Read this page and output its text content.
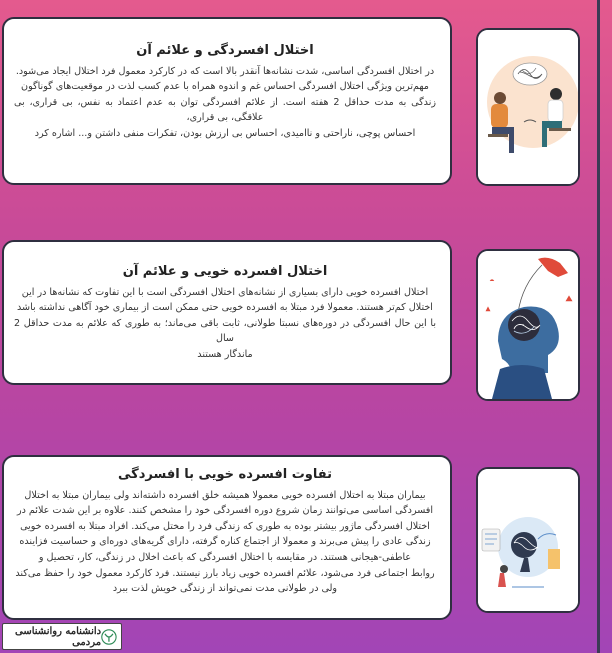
اختلال افسردگی و علائم آن

در اختلال افسردگی اساسی، شدت نشانه‌ها آنقدر بالا است که در کارکرد معمول فرد اختلال ایجاد می‌شود.

مهم‌ترین ویژگی اختلال افسردگی احساس غم و اندوه همراه با عدم کسب لذت در موقعیت‌های گوناگون

زندگی به مدت حداقل 2 هفته است. از علائم افسردگی توان به عدم اعتماد به نفس، بی قراری، بی علاقگی، بی قراری،

احساس پوچی، ناراحتی و ناامیدی، احساس بی ارزش بودن، تفکرات منفی داشتن و... اشاره کرد

اختلال افسرده خویی و علائم آن

اختلال افسرده خویی دارای بسیاری از نشانه‌های اختلال افسردگی است با این تفاوت که نشانه‌ها در این

اختلال کم‌تر هستند. معمولا فرد مبتلا به افسرده خویی حتی ممکن است از بیماری خود آگاهی نداشته باشد

با این حال افسردگی در دوره‌های نسبتا طولانی، ثابت باقی می‌ماند؛ به طوری که علائم به مدت حداقل 2 سال

ماندگار هستند

تفاوت افسرده خویی با افسردگی

بیماران مبتلا به اختلال افسرده خویی معمولا همیشه خلق افسرده داشته‌اند ولی بیماران مبتلا به اختلال

افسردگی اساسی می‌توانند زمان شروع دوره افسردگی خود را مشخص کنند. علاوه بر این شدت علائم در

اختلال افسردگی ماژور بیشتر بوده به طوری که زندگی فرد را مختل می‌کند. افراد مبتلا به افسرده خویی

زندگی عادی را پیش می‌برند و معمولا از اجتماع کناره گرفته، دارای گریه‌های دوره‌ای و حساسیت فزاینده

عاطفی-هیجانی هستند. در مقایسه با اختلال افسردگی که باعث اخلال در زندگی، کار، تحصیل و

روابط اجتماعی فرد می‌شود، علائم افسرده خویی زیاد بارز نیستند. فرد کارکرد معمول خود را حفظ می‌کند

ولی در طولانی مدت نمی‌تواند از زندگی خویش لذت ببرد

دانشنامه روانشناسی مردمی
